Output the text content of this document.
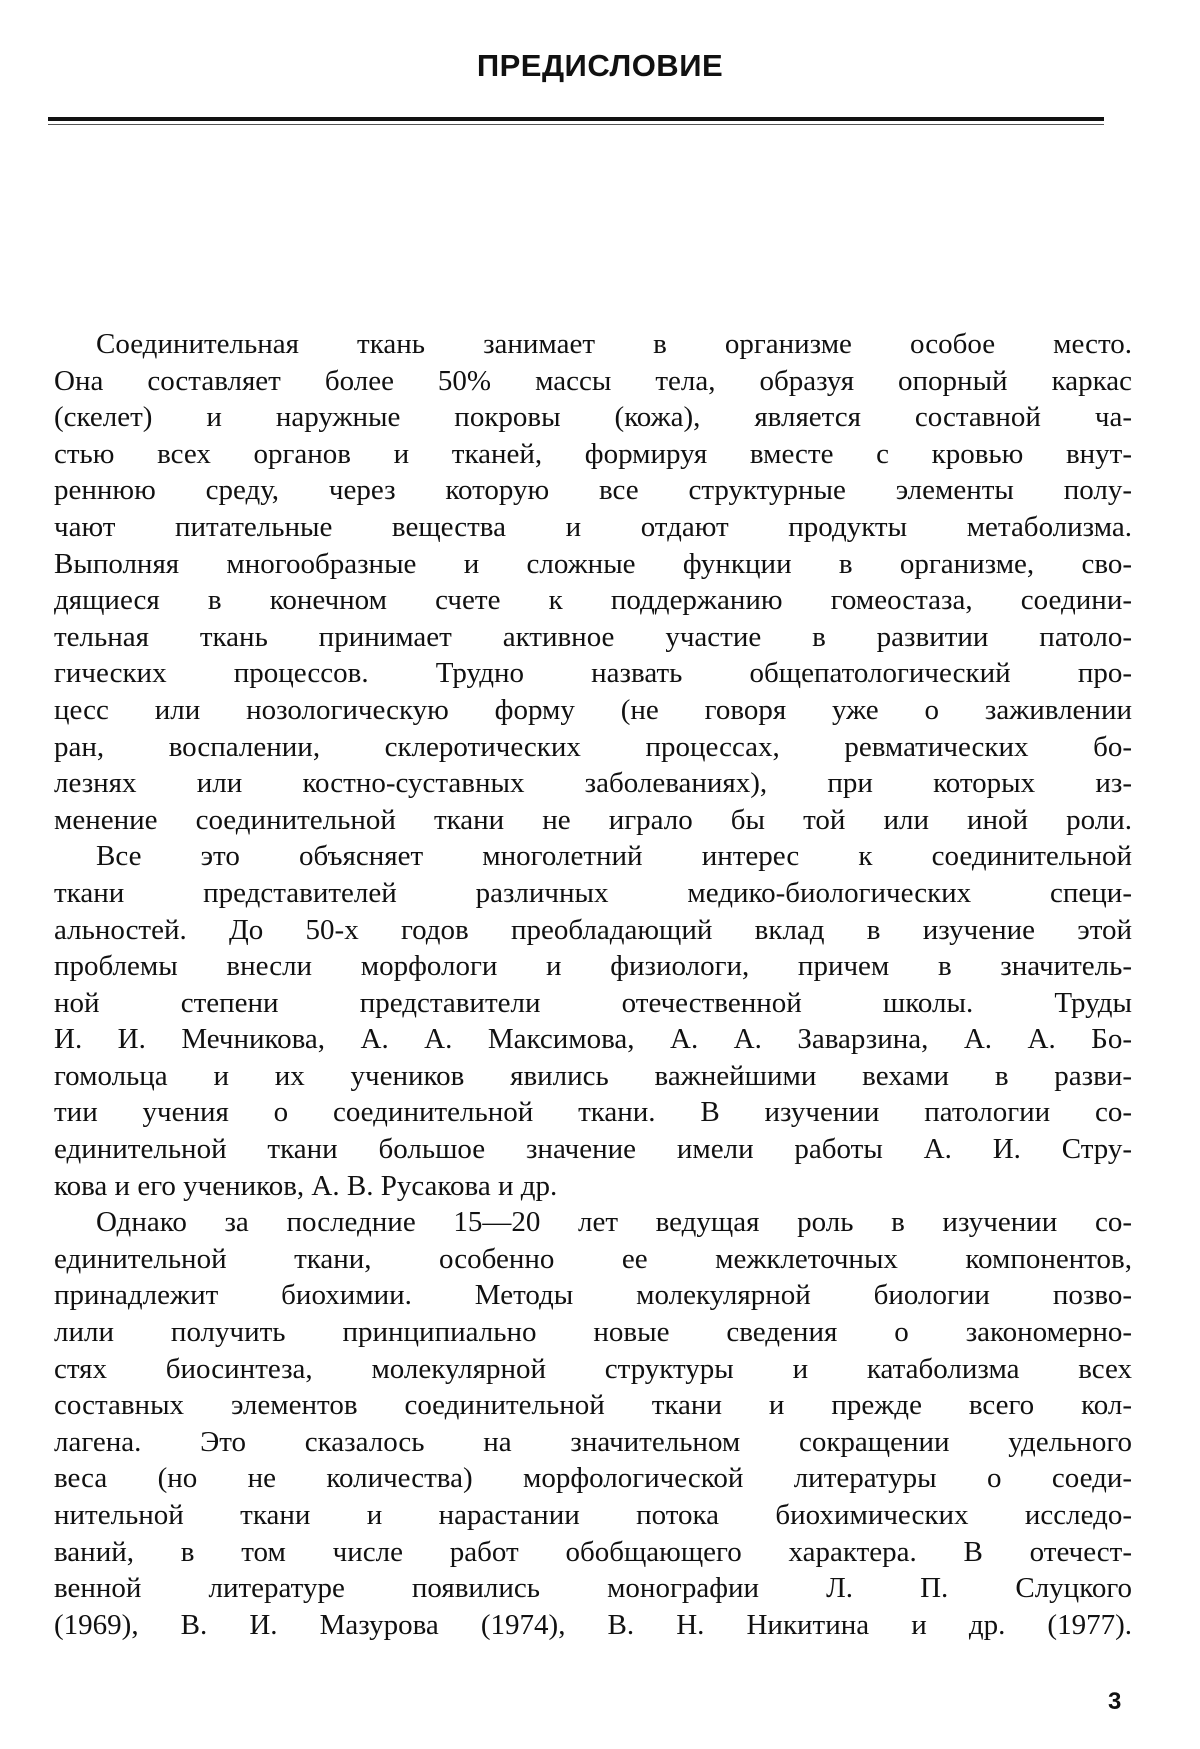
ПРЕДИСЛОВИЕ
Соединительная ткань занимает в организме особое место.
Она составляет более 50% массы тела, образуя опорный каркас
(скелет) и наружные покровы (кожа), является составной ча-
стью всех органов и тканей, формируя вместе с кровью внут-
реннюю среду, через которую все структурные элементы полу-
чают питательные вещества и отдают продукты метаболизма.
Выполняя многообразные и сложные функции в организме, сво-
дящиеся в конечном счете к поддержанию гомеостаза, соедини-
тельная ткань принимает активное участие в развитии патоло-
гических процессов. Трудно назвать общепатологический про-
цесс или нозологическую форму (не говоря уже о заживлении
ран, воспалении, склеротических процессах, ревматических бо-
лезнях или костно-суставных заболеваниях), при которых из-
менение соединительной ткани не играло бы той или иной роли.
Все это объясняет многолетний интерес к соединительной
ткани представителей различных медико-биологических специ-
альностей. До 50-х годов преобладающий вклад в изучение этой
проблемы внесли морфологи и физиологи, причем в значитель-
ной степени представители отечественной школы. Труды
И. И. Мечникова, А. А. Максимова, А. А. Заварзина, А. А. Бо-
гомольца и их учеников явились важнейшими вехами в разви-
тии учения о соединительной ткани. В изучении патологии со-
единительной ткани большое значение имели работы А. И. Стру-
кова и его учеников, А. В. Русакова и др.
Однако за последние 15—20 лет ведущая роль в изучении со-
единительной ткани, особенно ее межклеточных компонентов,
принадлежит биохимии. Методы молекулярной биологии позво-
лили получить принципиально новые сведения о закономерно-
стях биосинтеза, молекулярной структуры и катаболизма всех
составных элементов соединительной ткани и прежде всего кол-
лагена. Это сказалось на значительном сокращении удельного
веса (но не количества) морфологической литературы о соеди-
нительной ткани и нарастании потока биохимических исследо-
ваний, в том числе работ обобщающего характера. В отечест-
венной литературе появились монографии Л. П. Слуцкого
(1969), В. И. Мазурова (1974), В. Н. Никитина и др. (1977).
3
